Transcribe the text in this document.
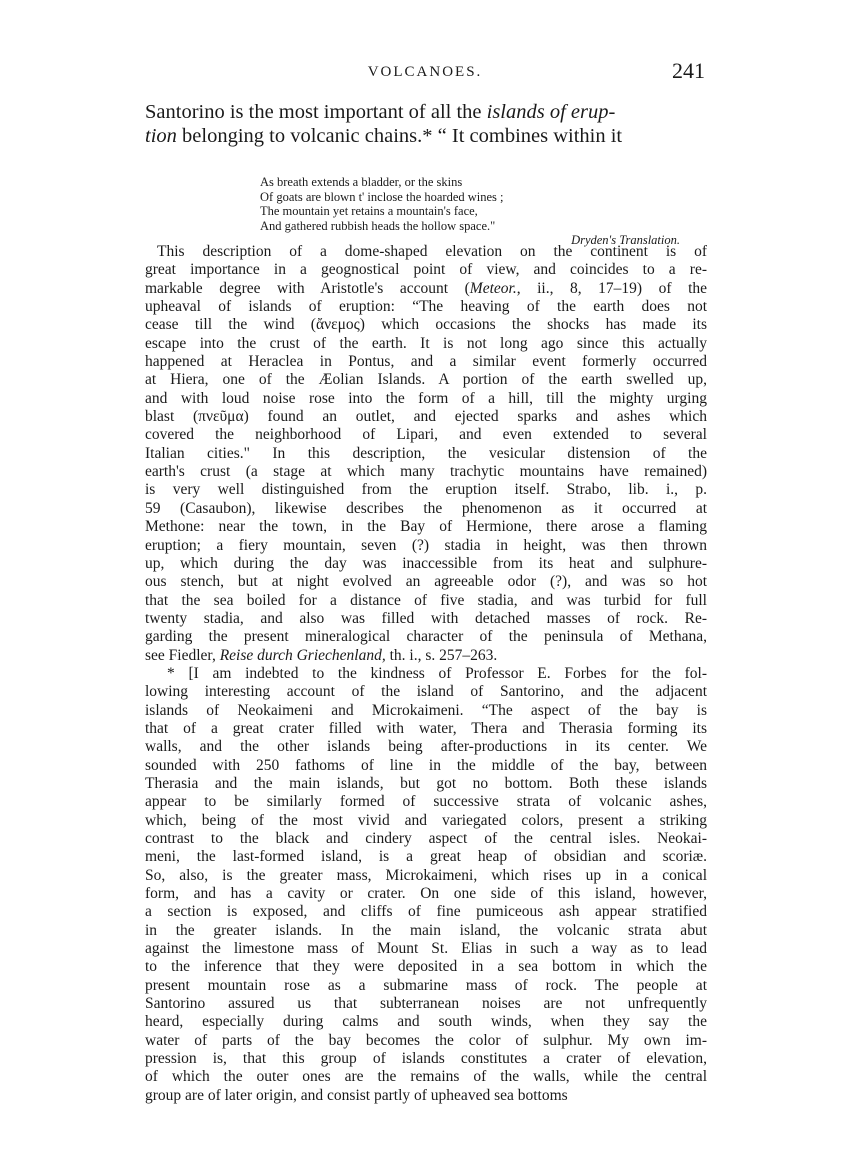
VOLCANOES.	241
Santorino is the most important of all the islands of erup-
tion belonging to volcanic chains.* “ It combines within it
As breath extends a bladder, or the skins
Of goats are blown t' inclose the hoarded wines ;
The mountain yet retains a mountain's face,
And gathered rubbish heads the hollow space."
Dryden's Translation.
This description of a dome-shaped elevation on the continent is of
great importance in a geognostical point of view, and coincides to a re-
markable degree with Aristotle's account (Meteor., ii., 8, 17–19) of the
upheaval of islands of eruption: “The heaving of the earth does not
cease till the wind (ἄνεμος) which occasions the shocks has made its
escape into the crust of the earth. It is not long ago since this actually
happened at Heraclea in Pontus, and a similar event formerly occurred
at Hiera, one of the Æolian Islands. A portion of the earth swelled up,
and with loud noise rose into the form of a hill, till the mighty urging
blast (πνεῦμα) found an outlet, and ejected sparks and ashes which
covered the neighborhood of Lipari, and even extended to several
Italian cities." In this description, the vesicular distension of the
earth's crust (a stage at which many trachytic mountains have remained)
is very well distinguished from the eruption itself. Strabo, lib. i., p.
59 (Casaubon), likewise describes the phenomenon as it occurred at
Methone: near the town, in the Bay of Hermione, there arose a flaming
eruption; a fiery mountain, seven (?) stadia in height, was then thrown
up, which during the day was inaccessible from its heat and sulphure-
ous stench, but at night evolved an agreeable odor (?), and was so hot
that the sea boiled for a distance of five stadia, and was turbid for full
twenty stadia, and also was filled with detached masses of rock. Re-
garding the present mineralogical character of the peninsula of Methana,
see Fiedler, Reise durch Griechenland, th. i., s. 257–263.
* [I am indebted to the kindness of Professor E. Forbes for the fol-
lowing interesting account of the island of Santorino, and the adjacent
islands of Neokaimeni and Microkaimeni. “The aspect of the bay is
that of a great crater filled with water, Thera and Therasia forming its
walls, and the other islands being after-productions in its center. We
sounded with 250 fathoms of line in the middle of the bay, between
Therasia and the main islands, but got no bottom. Both these islands
appear to be similarly formed of successive strata of volcanic ashes,
which, being of the most vivid and variegated colors, present a striking
contrast to the black and cindery aspect of the central isles. Neokai-
meni, the last-formed island, is a great heap of obsidian and scoriæ.
So, also, is the greater mass, Microkaimeni, which rises up in a conical
form, and has a cavity or crater. On one side of this island, however,
a section is exposed, and cliffs of fine pumiceous ash appear stratified
in the greater islands. In the main island, the volcanic strata abut
against the limestone mass of Mount St. Elias in such a way as to lead
to the inference that they were deposited in a sea bottom in which the
present mountain rose as a submarine mass of rock. The people at
Santorino assured us that subterranean noises are not unfrequently
heard, especially during calms and south winds, when they say the
water of parts of the bay becomes the color of sulphur. My own im-
pression is, that this group of islands constitutes a crater of elevation,
of which the outer ones are the remains of the walls, while the central
group are of later origin, and consist partly of upheaved sea bottoms
